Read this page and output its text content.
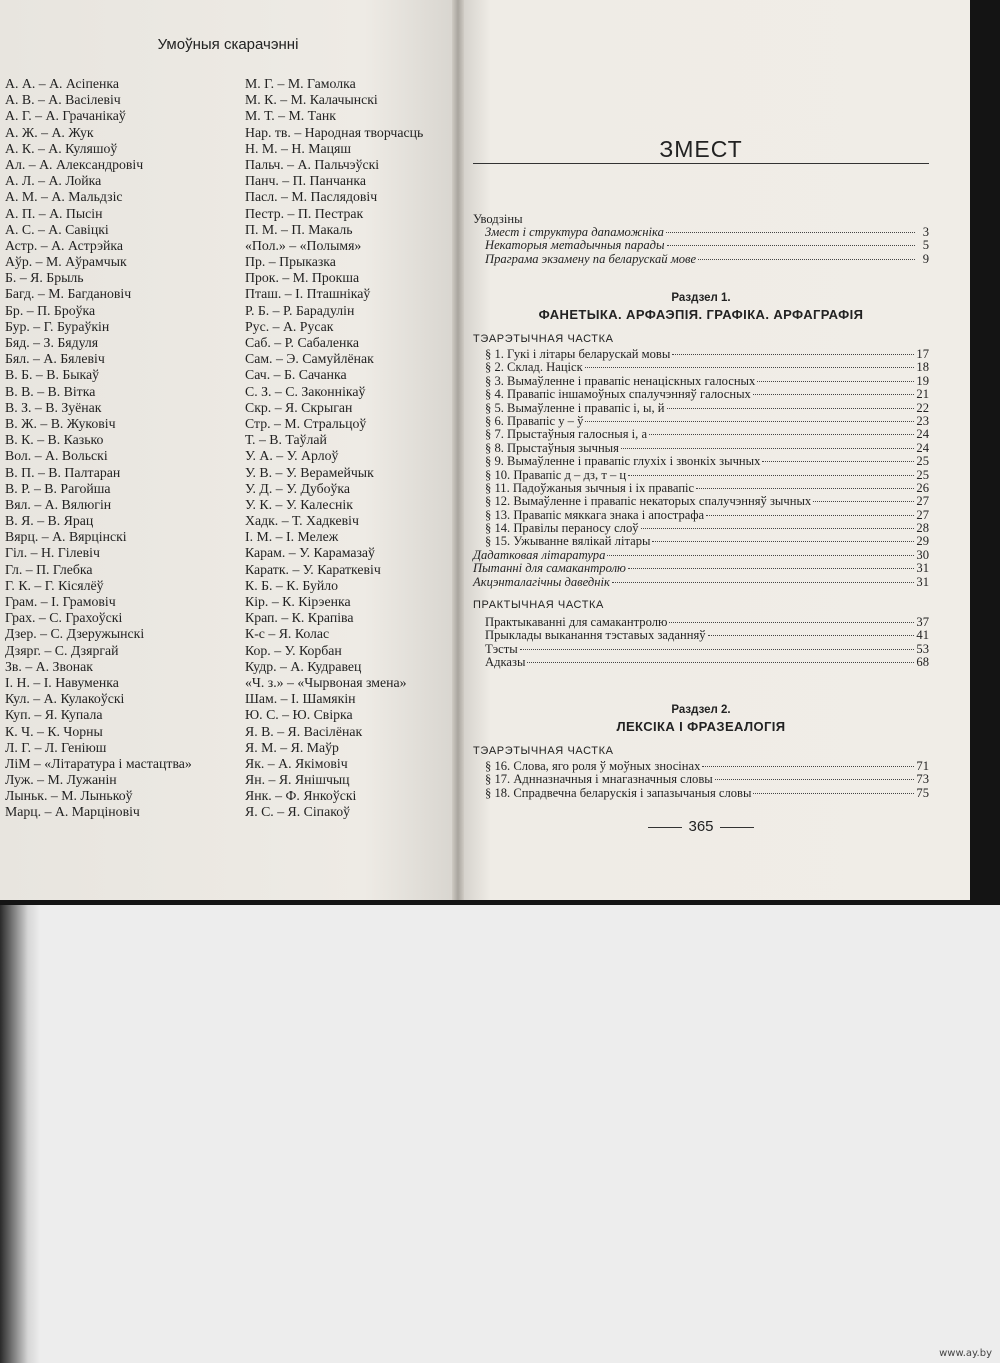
Умоўныя скарачэнні
А. А. – А. Асіпенка
А. В. – А. Васілевіч
А. Г. – А. Грачанікаў
А. Ж. – А. Жук
А. К. – А. Куляшоў
Ал. – А. Александровіч
А. Л. – А. Лойка
А. М. – А. Мальдзіс
А. П. – А. Пысін
А. С. – А. Савіцкі
Астр. – А. Астрэйка
Аўр. – М. Аўрамчык
Б. – Я. Брыль
Багд. – М. Багдановіч
Бр. – П. Броўка
Бур. – Г. Бураўкін
Бяд. – З. Бядуля
Бял. – А. Бялевіч
В. Б. – В. Быкаў
В. В. – В. Вітка
В. З. – В. Зуёнак
В. Ж. – В. Жуковіч
В. К. – В. Казько
Вол. – А. Вольскі
В. П. – В. Палтаран
В. Р. – В. Рагойша
Вял. – А. Вялюгін
В. Я. – В. Ярац
Вярц. – А. Вярцінскі
Гіл. – Н. Гілевіч
Гл. – П. Глебка
Г. К. – Г. Кісялёў
Грам. – І. Грамовіч
Грах. – С. Грахоўскі
Дзер. – С. Дзеружынскі
Дзярг. – С. Дзяргай
Зв. – А. Звонак
І. Н. – І. Навуменка
Кул. – А. Кулакоўскі
Куп. – Я. Купала
К. Ч. – К. Чорны
Л. Г. – Л. Геніюш
ЛіМ – «Літаратура і мастацтва»
Луж. – М. Лужанін
Лыньк. – М. Лынькоў
Марц. – А. Марціновіч
М. Г. – М. Гамолка
М. К. – М. Калачынскі
М. Т. – М. Танк
Нар. тв. – Народная творчасць
Н. М. – Н. Мацяш
Пальч. – А. Пальчэўскі
Панч. – П. Панчанка
Пасл. – М. Паслядовіч
Пестр. – П. Пестрак
П. М. – П. Макаль
«Пол.» – «Полымя»
Пр. – Прыказка
Прок. – М. Прокша
Пташ. – І. Пташнікаў
Р. Б. – Р. Барадулін
Рус. – А. Русак
Саб. – Р. Сабаленка
Сам. – Э. Самуйлёнак
Сач. – Б. Сачанка
С. З. – С. Законнікаў
Скр. – Я. Скрыган
Стр. – М. Стральцоў
Т. – В. Таўлай
У. А. – У. Арлоў
У. В. – У. Верамейчык
У. Д. – У. Дубоўка
У. К. – У. Калеснік
Хадк. – Т. Хадкевіч
І. М. – І. Мележ
Карам. – У. Карамазаў
Каратк. – У. Караткевіч
К. Б. – К. Буйло
Кір. – К. Кірэенка
Крап. – К. Крапіва
К-с – Я. Колас
Кор. – У. Корбан
Кудр. – А. Кудравец
«Ч. з.» – «Чырвоная змена»
Шам. – І. Шамякін
Ю. С. – Ю. Свірка
Я. В. – Я. Васілёнак
Я. М. – Я. Маўр
Як. – А. Якімовіч
Ян. – Я. Янішчыц
Янк. – Ф. Янкоўскі
Я. С. – Я. Сіпакоў
ЗМЕСТ
Уводзіны
Змест і структура дапаможніка	3
Некаторыя метадычныя парады	5
Праграма экзамену па беларускай мове	9
Раздзел 1.
ФАНЕТЫКА. АРФАЭПІЯ. ГРАФІКА. АРФАГРАФІЯ
ТЭАРЭТЫЧНАЯ ЧАСТКА
§ 1. Гукі і літары беларускай мовы	17
§ 2. Склад. Націск	18
§ 3. Вымаўленне і правапіс ненаціскных галосных	19
§ 4. Правапіс іншамоўных спалучэнняў галосных	21
§ 5. Вымаўленне і правапіс і, ы, й	22
§ 6. Правапіс у – ў	23
§ 7. Прыстаўныя галосныя і, а	24
§ 8. Прыстаўныя зычныя	24
§ 9. Вымаўленне і правапіс глухіх і звонкіх зычных	25
§ 10. Правапіс д – дз, т – ц	25
§ 11. Падоўжаныя зычныя і іх правапіс	26
§ 12. Вымаўленне і правапіс некаторых спалучэнняў зычных	27
§ 13. Правапіс мяккага знака і апострафа	27
§ 14. Правілы пераносу слоў	28
§ 15. Ужыванне вялікай літары	29
Дадатковая літаратура	30
Пытанні для самакантролю	31
Акцэнталагічны даведнік	31
ПРАКТЫЧНАЯ ЧАСТКА
Практыкаванні для самакантролю	37
Прыклады выканання тэставых заданняў	41
Тэсты	53
Адказы	68
Раздзел 2.
ЛЕКСІКА І ФРАЗЕАЛОГІЯ
ТЭАРЭТЫЧНАЯ ЧАСТКА
§ 16. Слова, яго роля ў моўных зносінах	71
§ 17. Аднназначныя і мнагазначныя словы	73
§ 18. Спрадвечна беларускія і запазычаныя словы	75
365
www.ay.by
